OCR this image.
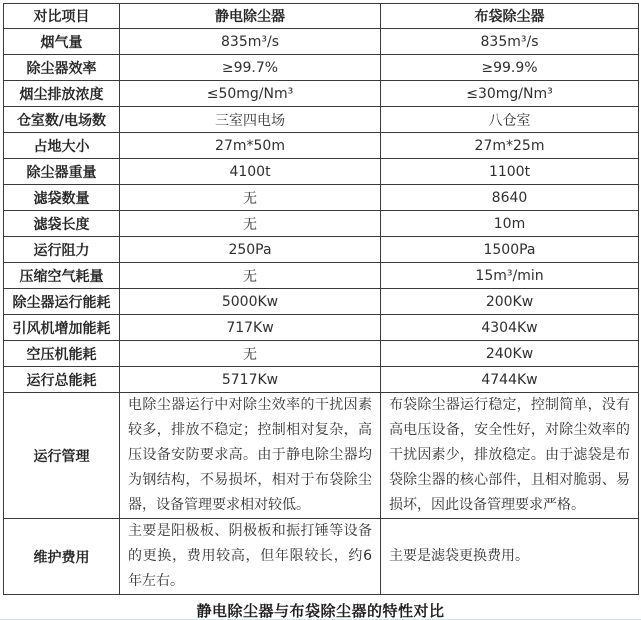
对比项目	静电除尘器	布袋除尘器
烟气量	835m³/s	835m³/s
除尘器效率	≥99.7%	≥99.9%
烟尘排放浓度	≤50mg/Nm³	≤30mg/Nm³
仓室数/电场数	三室四电场	八仓室
占地大小	27m*50m	27m*25m
除尘器重量	4100t	1100t
滤袋数量	无	8640
滤袋长度	无	10m
运行阻力	250Pa	1500Pa
压缩空气耗量	无	15m³/min
除尘器运行能耗	5000Kw	200Kw
引风机增加能耗	717Kw	4304Kw
空压机能耗	无	240Kw
运行总能耗	5717Kw	4744Kw
运行管理	电除尘器运行中对除尘效率的干扰因素较多，排放不稳定；控制相对复杂，高压设备安防要求高。由于静电除尘器均为钢结构，不易损坏，相对于布袋除尘器，设备管理要求相对较低。	布袋除尘器运行稳定，控制简单，没有高电压设备，安全性好，对除尘效率的干扰因素少，排放稳定。由于滤袋是布袋除尘器的核心部件，且相对脆弱、易损坏，因此设备管理要求严格。
维护费用	主要是阳极板、阴极板和振打锤等设备的更换，费用较高，但年限较长，约6年左右。	主要是滤袋更换费用。
静电除尘器与布袋除尘器的特性对比
